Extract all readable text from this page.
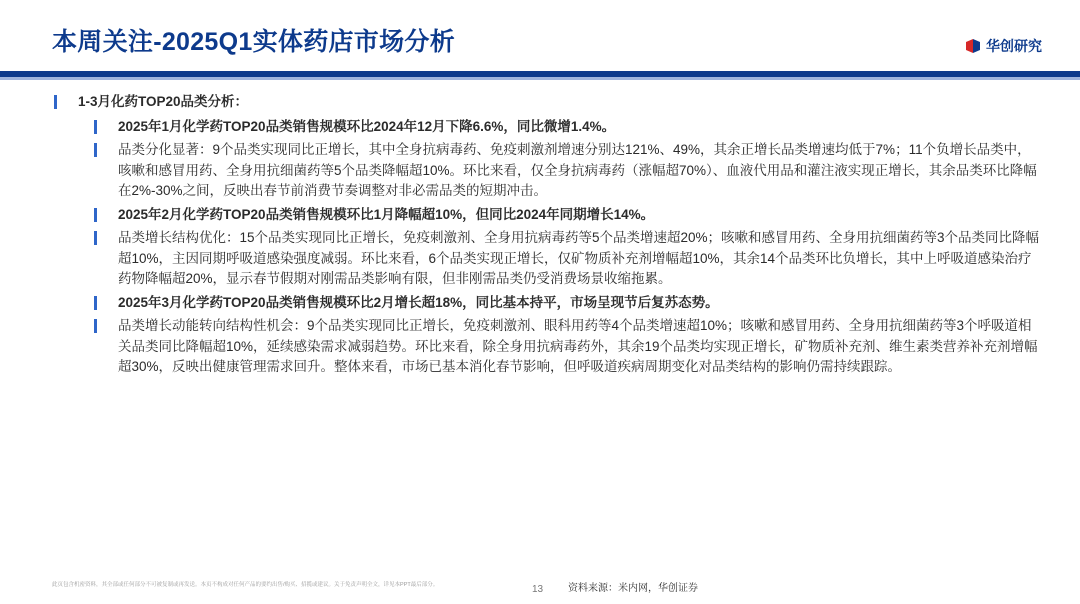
本周关注-2025Q1实体药店市场分析	华创研究
1-3月化药TOP20品类分析：
2025年1月化学药TOP20品类销售规模环比2024年12月下降6.6%，同比微增1.4%。
品类分化显著：9个品类实现同比正增长，其中全身抗病毒药、免疫刺激剂增速分别达121%、49%，其余正增长品类增速均低于7%；11个负增长品类中，咳嗽和感冒用药、全身用抗细菌药等5个品类降幅超10%。环比来看，仅全身抗病毒药（涨幅超70%）、血液代用品和灌注液实现正增长，其余品类环比降幅在2%-30%之间，反映出春节前消费节奏调整对非必需品类的短期冲击。
2025年2月化学药TOP20品类销售规模环比1月降幅超10%，但同比2024年同期增长14%。
品类增长结构优化：15个品类实现同比正增长，免疫刺激剂、全身用抗病毒药等5个品类增速超20%；咳嗽和感冒用药、全身用抗细菌药等3个品类同比降幅超10%，主因同期呼吸道感染强度减弱。环比来看，6个品类实现正增长，仅矿物质补充剂增幅超10%，其余14个品类环比负增长，其中上呼吸道感染治疗药物降幅超20%，显示春节假期对刚需品类影响有限，但非刚需品类仍受消费场景收缩拖累。
2025年3月化学药TOP20品类销售规模环比2月增长超18%，同比基本持平，市场呈现节后复苏态势。
品类增长动能转向结构性机会：9个品类实现同比正增长，免疫刺激剂、眼科用药等4个品类增速超10%；咳嗽和感冒用药、全身用抗细菌药等3个呼吸道相关品类同比降幅超10%，延续感染需求减弱趋势。环比来看，除全身用抗病毒药外，其余19个品类均实现正增长，矿物质补充剂、维生素类营养补充剂增幅超30%，反映出健康管理需求回升。整体来看，市场已基本消化春节影响，但呼吸道疾病周期变化对品类结构的影响仍需持续跟踪。
此页包含机密资料，其全部或任何部分不可被复制或再发送。本页不构成对任何产品的要约出售/购买、招揽或建议。关于免责声明全文，详见本PPT最后部分。	13 资料来源：米内网，华创证券
